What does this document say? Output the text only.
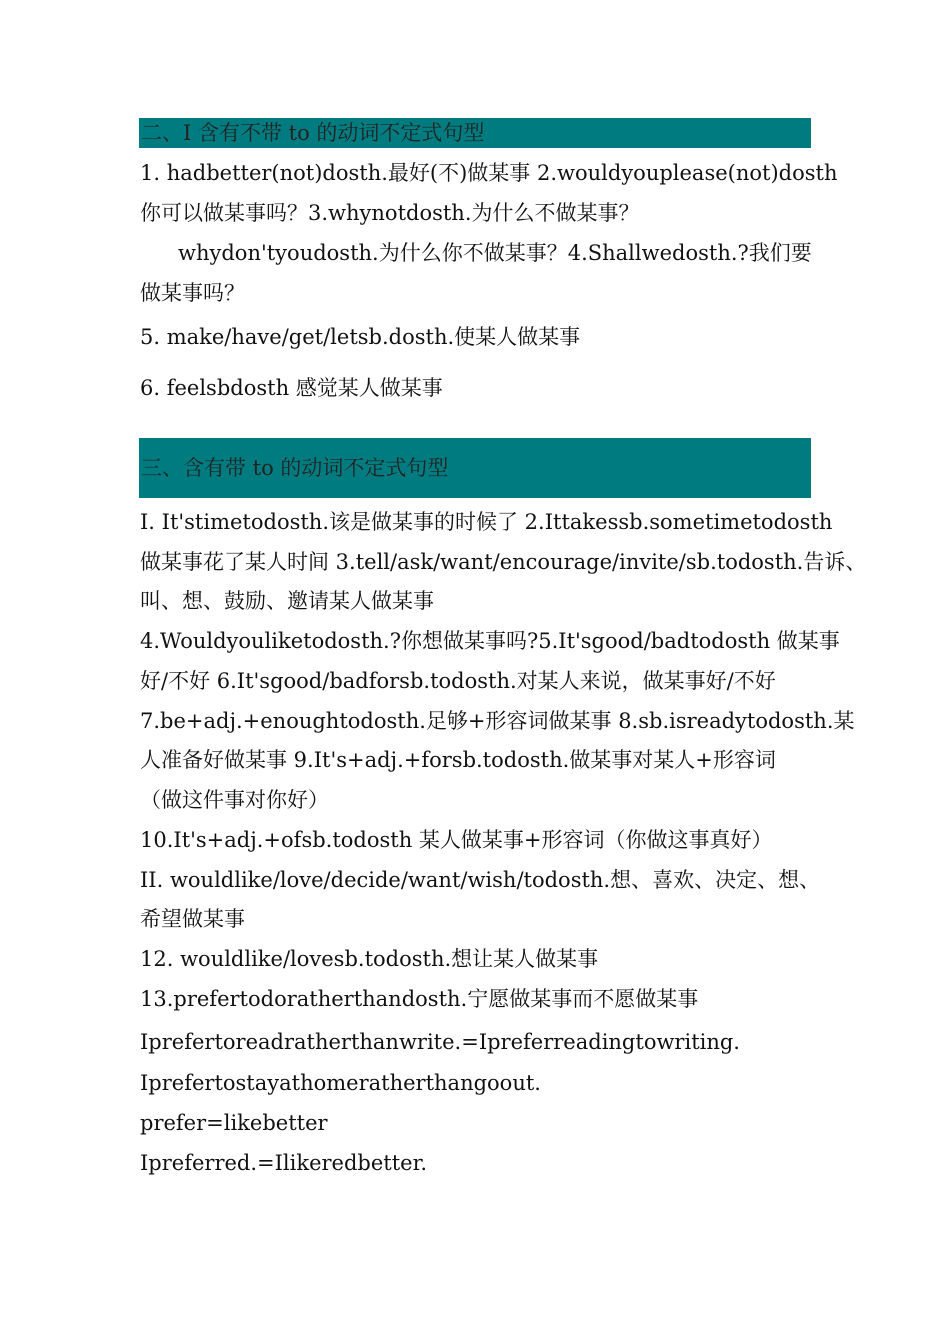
二、I 含有不带 to 的动词不定式句型
1. hadbetter(not)dosth.最好(不)做某事 2.wouldyouplease(not)dosth
你可以做某事吗？3.whynotdosth.为什么不做某事？
whydon'tyoudosth.为什么你不做某事？4.Shallwedosth.?我们要
做某事吗？
5. make/have/get/letsb.dosth.使某人做某事
6. feelsbdosth 感觉某人做某事
三、含有带 to 的动词不定式句型
I. It'stimetodosth.该是做某事的时候了 2.Ittakessb.sometimetodosth
做某事花了某人时间 3.tell/ask/want/encourage/invite/sb.todosth.告诉、
叫、想、鼓励、邀请某人做某事
4.Wouldyouliketodosth.?你想做某事吗?5.It'sgood/badtodosth 做某事
好/不好 6.It'sgood/badforsb.todosth.对某人来说，做某事好/不好
7.be+adj.+enoughtodosth.足够+形容词做某事 8.sb.isreadytodosth.某
人准备好做某事 9.It's+adj.+forsb.todosth.做某事对某人+形容词
（做这件事对你好）
10.It's+adj.+ofsb.todosth 某人做某事+形容词（你做这事真好）
II. wouldlike/love/decide/want/wish/todosth.想、喜欢、决定、想、
希望做某事
12. wouldlike/lovesb.todosth.想让某人做某事
13.prefertodoratherthandosth.宁愿做某事而不愿做某事
Iprefertoreadratherthanwrite.=Ipreferreadingtowriting.
Iprefertostayathomeratherthangoout.
prefer=likebetter
Ipreferred.=Ilikeredbetter.
